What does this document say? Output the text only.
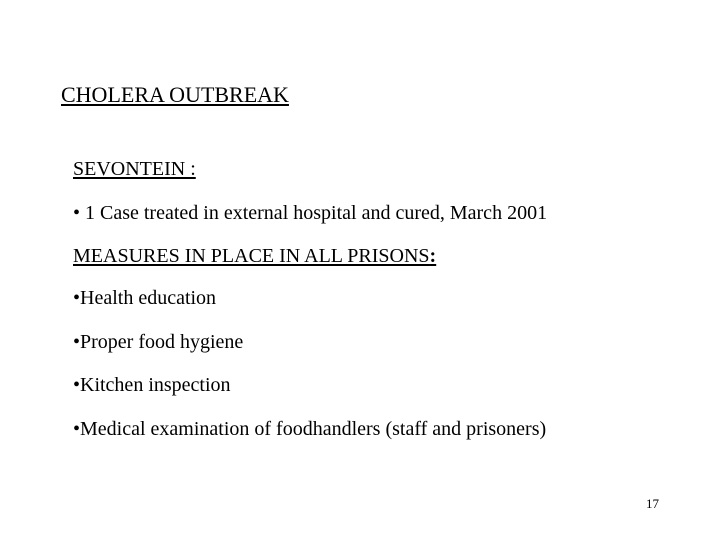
CHOLERA OUTBREAK
SEVONTEIN :
• 1 Case treated in external hospital and cured, March 2001
MEASURES IN PLACE IN ALL PRISONS:
•Health education
•Proper food hygiene
•Kitchen inspection
•Medical examination of foodhandlers (staff and prisoners)
17
